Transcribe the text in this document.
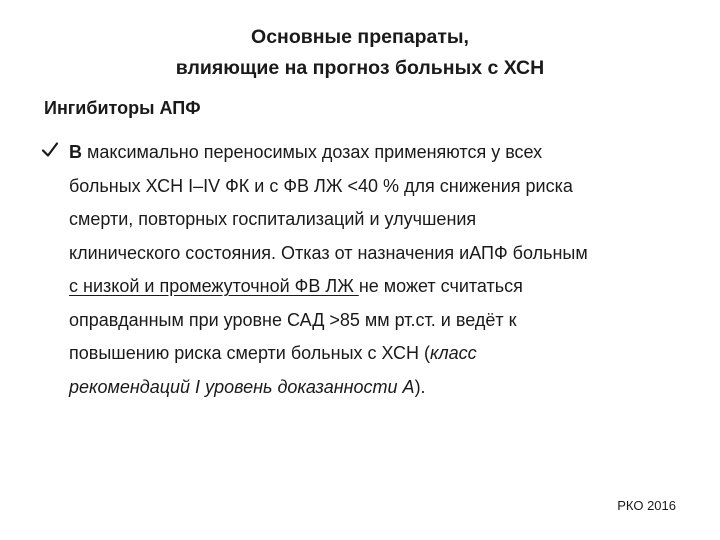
Основные препараты,
влияющие на прогноз больных с ХСН
Ингибиторы АПФ
В максимально переносимых дозах применяются у всех
больных ХСН I–IV ФК и с ФВ ЛЖ <40 % для снижения риска
смерти, повторных госпитализаций и улучшения
клинического состояния. Отказ от назначения иАПФ больным
с низкой и промежуточной ФВ ЛЖ не может считаться
оправданным при уровне САД >85 мм рт.ст. и ведёт к
повышению риска смерти больных с ХСН (класс
рекомендаций I уровень доказанности А).
РКО 2016
